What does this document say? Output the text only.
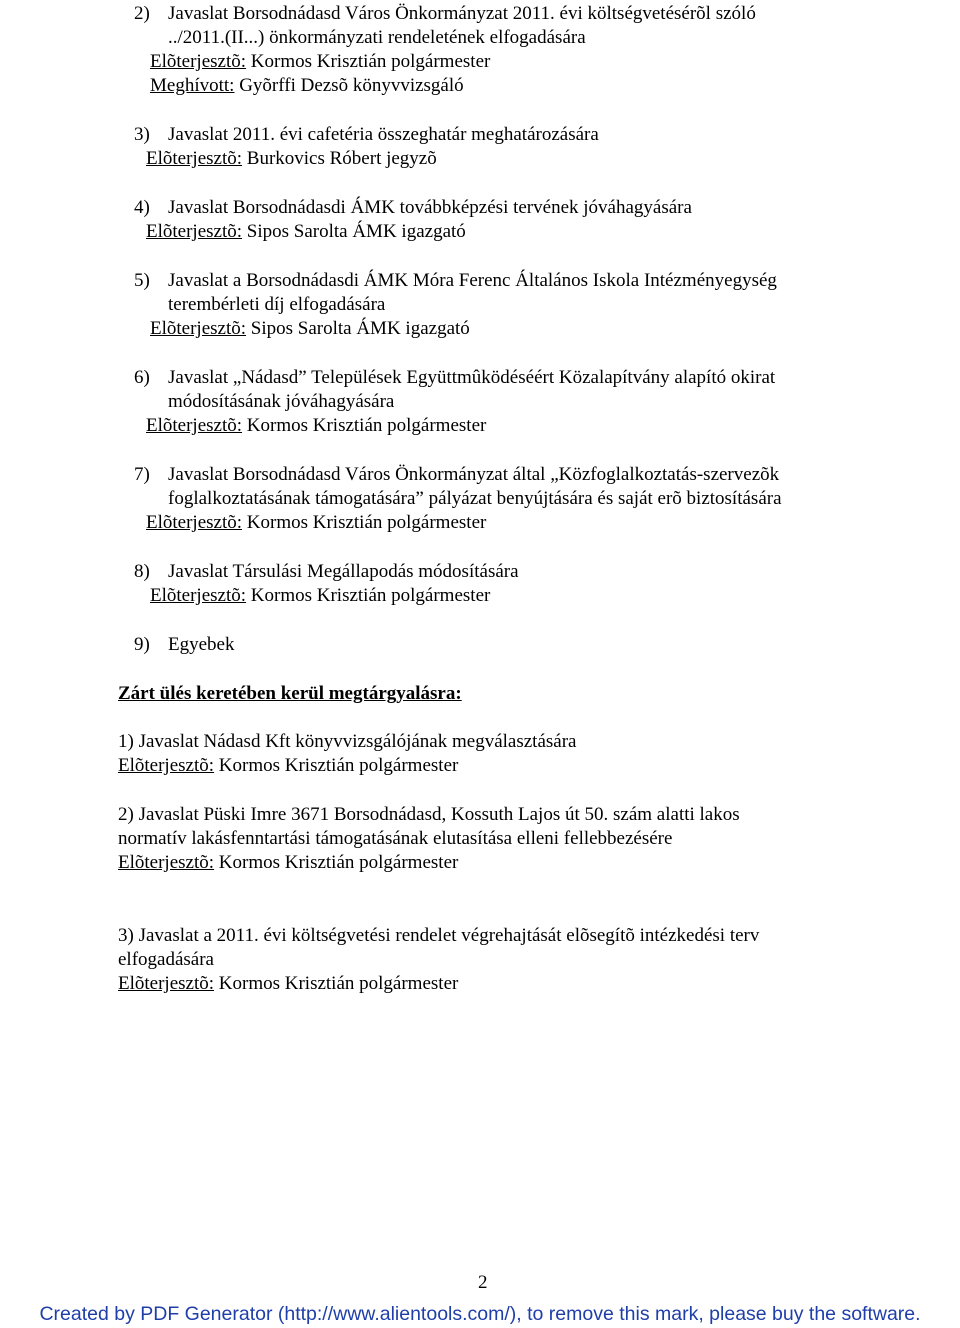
2) Javaslat Borsodnádasd Város Önkormányzat 2011. évi költségvetésérõl szóló
../2011.(II...) önkormányzati rendeletének elfogadására
Elõterjesztõ: Kormos Krisztián polgármester
Meghívott: Gyõrffi Dezsõ könyvvizsgáló
3) Javaslat 2011. évi cafetéria összeghatár meghatározására
Elõterjesztõ: Burkovics Róbert jegyzõ
4) Javaslat Borsodnádasdi ÁMK továbbképzési tervének jóváhagyására
Elõterjesztõ: Sipos Sarolta ÁMK igazgató
5) Javaslat a Borsodnádasdi ÁMK Móra Ferenc Általános Iskola Intézményegység
terembérleti díj elfogadására
Elõterjesztõ: Sipos Sarolta ÁMK igazgató
6) Javaslat „Nádasd” Települések Együttmûködéséért Közalapítvány alapító okirat
módosításának jóváhagyására
Elõterjesztõ: Kormos Krisztián polgármester
7) Javaslat Borsodnádasd Város Önkormányzat által „Közfoglalkoztatás-szervezõk
foglalkoztatásának támogatására” pályázat benyújtására és saját erõ biztosítására
Elõterjesztõ: Kormos Krisztián polgármester
8) Javaslat Társulási Megállapodás módosítására
Elõterjesztõ: Kormos Krisztián polgármester
9) Egyebek
Zárt ülés keretében kerül megtárgyalásra:
1) Javaslat Nádasd Kft könyvvizsgálójának megválasztására
Elõterjesztõ: Kormos Krisztián polgármester
2) Javaslat Püski Imre 3671 Borsodnádasd, Kossuth Lajos út 50. szám alatti lakos
normatív lakásfenntartási támogatásának elutasítása elleni fellebbezésére
Elõterjesztõ: Kormos Krisztián polgármester
3) Javaslat a 2011. évi költségvetési rendelet végrehajtását elõsegítõ intézkedési terv
elfogadására
Elõterjesztõ: Kormos Krisztián polgármester
2
Created by PDF Generator (http://www.alientools.com/), to remove this mark, please buy the software.
